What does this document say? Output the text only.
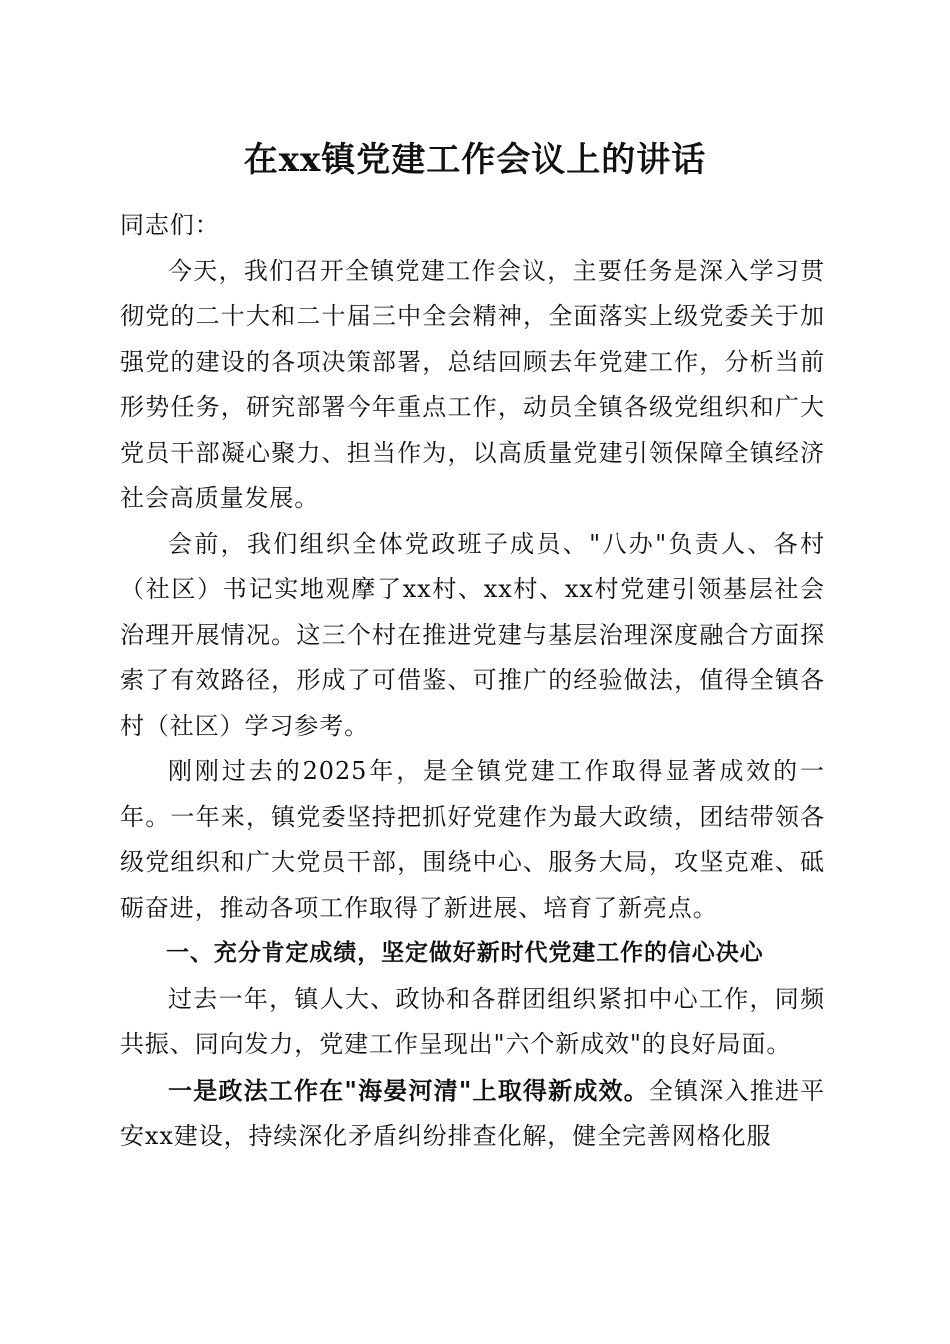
在xx镇党建工作会议上的讲话

同志们：

今天，我们召开全镇党建工作会议，主要任务是深入学习贯彻党的二十大和二十届三中全会精神，全面落实上级党委关于加强党的建设的各项决策部署，总结回顾去年党建工作，分析当前形势任务，研究部署今年重点工作，动员全镇各级党组织和广大党员干部凝心聚力、担当作为，以高质量党建引领保障全镇经济社会高质量发展。

会前，我们组织全体党政班子成员、"八办"负责人、各村（社区）书记实地观摩了xx村、xx村、xx村党建引领基层社会治理开展情况。这三个村在推进党建与基层治理深度融合方面探索了有效路径，形成了可借鉴、可推广的经验做法，值得全镇各村（社区）学习参考。

刚刚过去的2025年，是全镇党建工作取得显著成效的一年。一年来，镇党委坚持把抓好党建作为最大政绩，团结带领各级党组织和广大党员干部，围绕中心、服务大局，攻坚克难、砥砺奋进，推动各项工作取得了新进展、培育了新亮点。

一、充分肯定成绩，坚定做好新时代党建工作的信心决心

过去一年，镇人大、政协和各群团组织紧扣中心工作，同频共振、同向发力，党建工作呈现出"六个新成效"的良好局面。

一是政法工作在"海晏河清"上取得新成效。全镇深入推进平安xx建设，持续深化矛盾纠纷排查化解，健全完善网格化服
